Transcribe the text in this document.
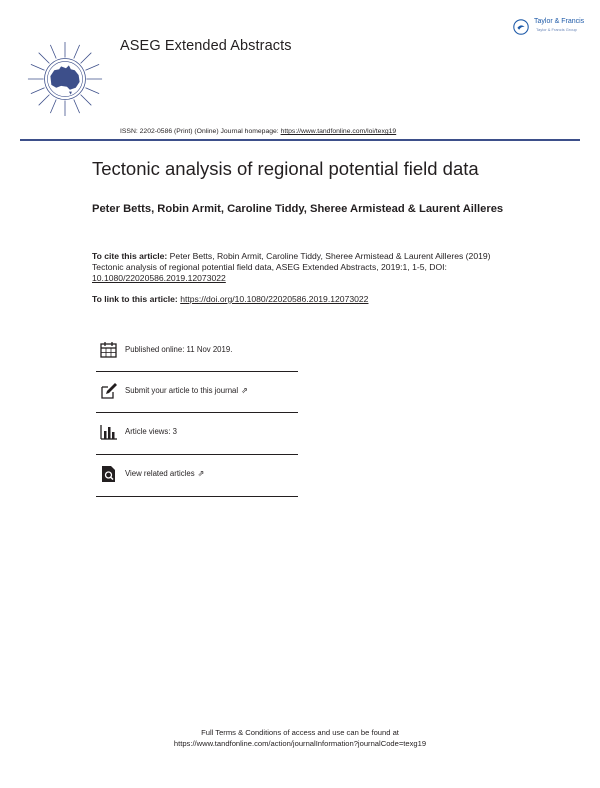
ASEG Extended Abstracts
Taylor & Francis
Taylor & Francis Group
ISSN: 2202-0586 (Print) (Online) Journal homepage: https://www.tandfonline.com/loi/texg19
Tectonic analysis of regional potential field data
Peter Betts, Robin Armit, Caroline Tiddy, Sheree Armistead & Laurent Ailleres
To cite this article: Peter Betts, Robin Armit, Caroline Tiddy, Sheree Armistead & Laurent Ailleres (2019) Tectonic analysis of regional potential field data, ASEG Extended Abstracts, 2019:1, 1-5, DOI: 10.1080/22020586.2019.12073022
To link to this article: https://doi.org/10.1080/22020586.2019.12073022
Published online: 11 Nov 2019.
Submit your article to this journal ⇗
Article views: 3
View related articles ⇗
Full Terms & Conditions of access and use can be found at
https://www.tandfonline.com/action/journalInformation?journalCode=texg19
